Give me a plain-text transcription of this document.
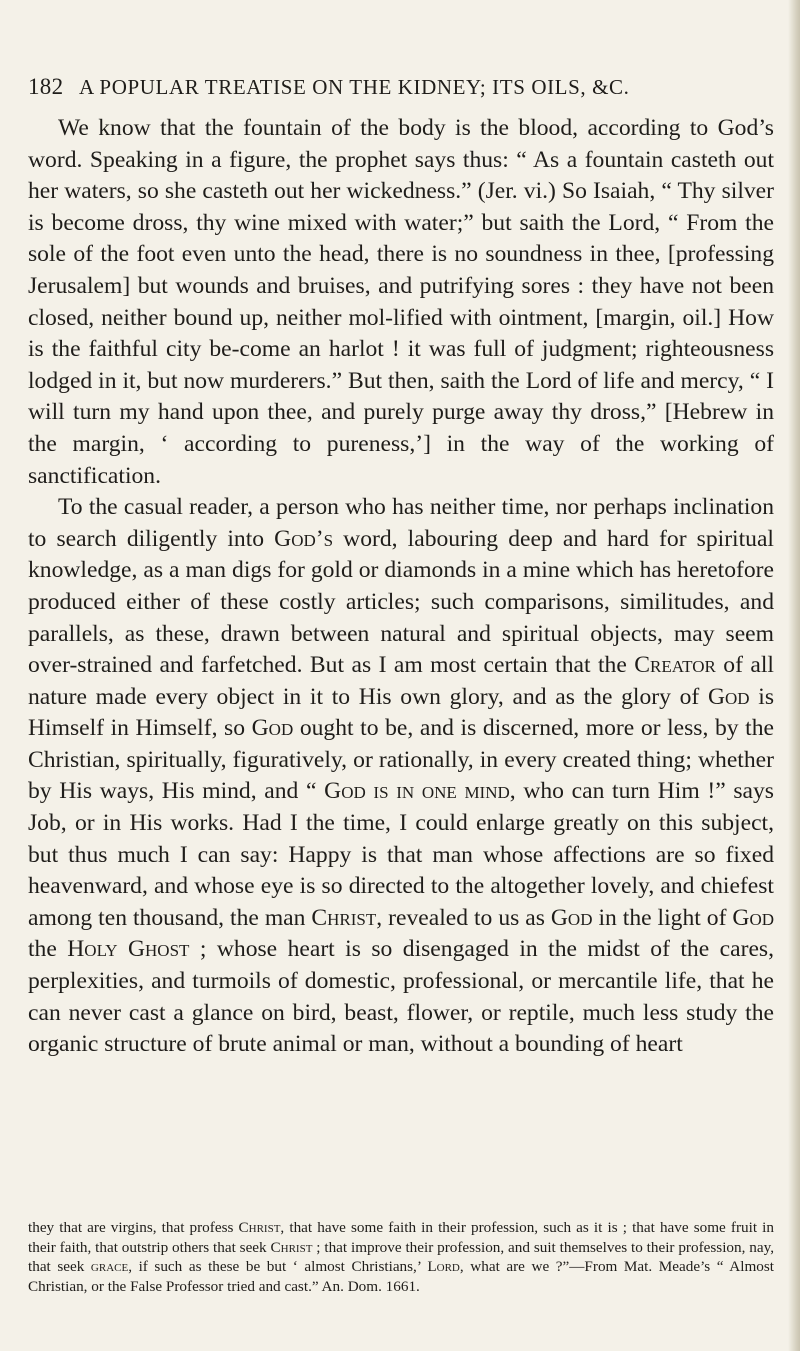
182 A POPULAR TREATISE ON THE KIDNEY; ITS OILS, &C.

We know that the fountain of the body is the blood, according to God’s word. Speaking in a figure, the prophet says thus: “ As a fountain casteth out her waters, so she casteth out her wickedness.” (Jer. vi.) So Isaiah, “ Thy silver is become dross, thy wine mixed with water;” but saith the Lord, “ From the sole of the foot even unto the head, there is no soundness in thee, [professing Jerusalem] but wounds and bruises, and putrifying sores : they have not been closed, neither bound up, neither mol-lified with ointment, [margin, oil.] How is the faithful city be-come an harlot ! it was full of judgment; righteousness lodged in it, but now murderers.” But then, saith the Lord of life and mercy, “ I will turn my hand upon thee, and purely purge away thy dross,” [Hebrew in the margin, ‘ according to pureness,’] in the way of the working of sanctification.

To the casual reader, a person who has neither time, nor perhaps inclination to search diligently into God’s word, labouring deep and hard for spiritual knowledge, as a man digs for gold or diamonds in a mine which has heretofore produced either of these costly articles; such comparisons, similitudes, and parallels, as these, drawn between natural and spiritual objects, may seem over-strained and farfetched. But as I am most certain that the Creator of all nature made every object in it to His own glory, and as the glory of God is Himself in Himself, so God ought to be, and is discerned, more or less, by the Christian, spiritually, figuratively, or rationally, in every created thing; whether by His ways, His mind, and “ God is in one mind, who can turn Him !” says Job, or in His works. Had I the time, I could enlarge greatly on this subject, but thus much I can say: Happy is that man whose affections are so fixed heavenward, and whose eye is so directed to the altogether lovely, and chiefest among ten thousand, the man Christ, revealed to us as God in the light of God the Holy Ghost ; whose heart is so disengaged in the midst of the cares, perplexities, and turmoils of domestic, professional, or mercantile life, that he can never cast a glance on bird, beast, flower, or reptile, much less study the organic structure of brute animal or man, without a bounding of heart

they that are virgins, that profess Christ, that have some faith in their profession, such as it is ; that have some fruit in their faith, that outstrip others that seek Christ ; that improve their profession, and suit themselves to their profession, nay, that seek grace, if such as these be but ‘ almost Christians,’ Lord, what are we ?”—From Mat. Meade’s “ Almost Christian, or the False Professor tried and cast.” An. Dom. 1661.
